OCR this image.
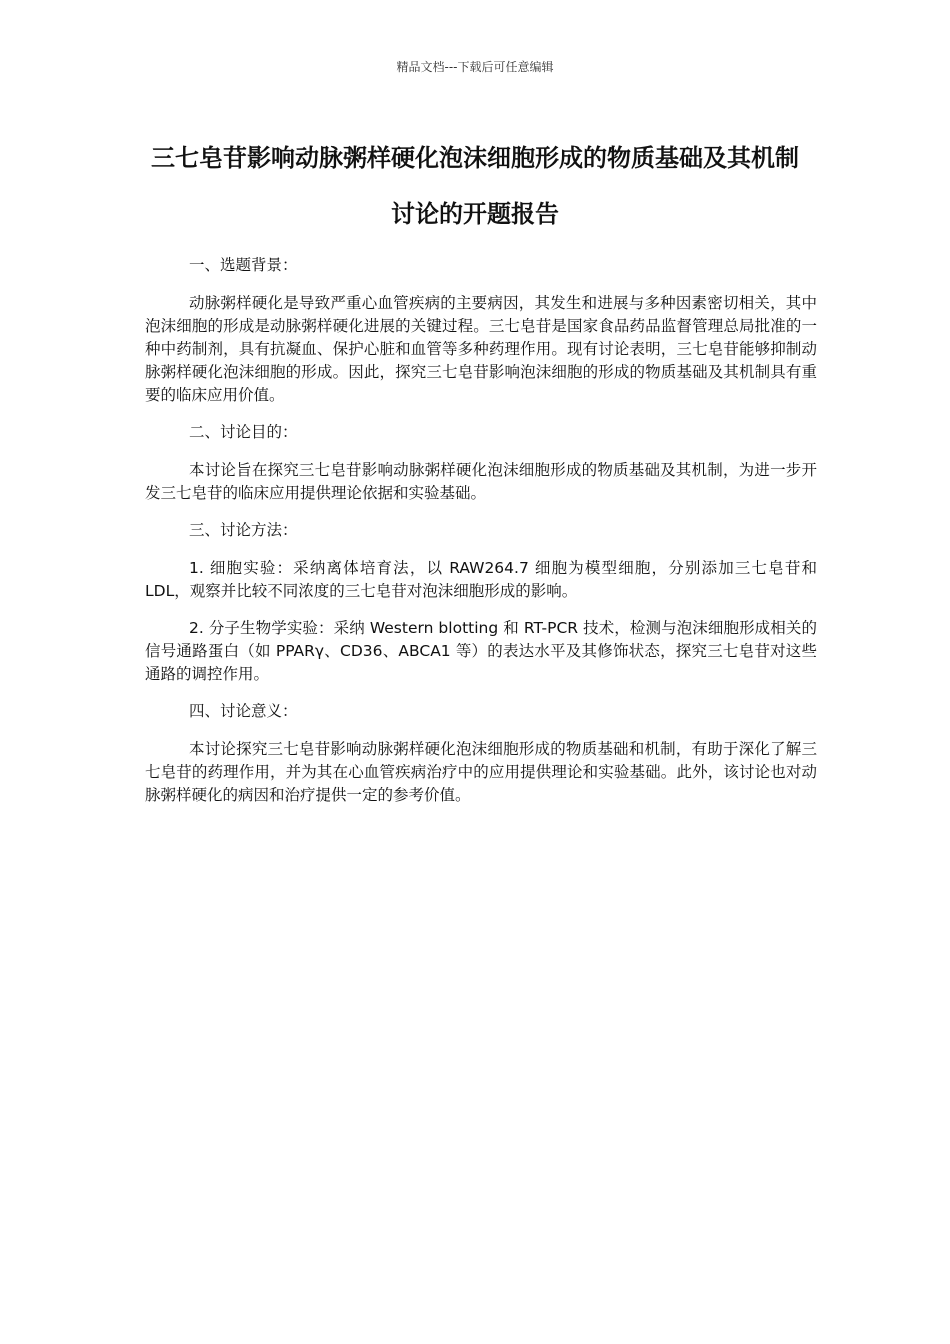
精品文档---下载后可任意编辑
三七皂苷影响动脉粥样硬化泡沫细胞形成的物质基础及其机制讨论的开题报告

一、选题背景：

动脉粥样硬化是导致严重心血管疾病的主要病因，其发生和进展与多种因素密切相关，其中泡沫细胞的形成是动脉粥样硬化进展的关键过程。三七皂苷是国家食品药品监督管理总局批准的一种中药制剂，具有抗凝血、保护心脏和血管等多种药理作用。现有讨论表明，三七皂苷能够抑制动脉粥样硬化泡沫细胞的形成。因此，探究三七皂苷影响泡沫细胞的形成的物质基础及其机制具有重要的临床应用价值。

二、讨论目的：

本讨论旨在探究三七皂苷影响动脉粥样硬化泡沫细胞形成的物质基础及其机制，为进一步开发三七皂苷的临床应用提供理论依据和实验基础。

三、讨论方法：

1. 细胞实验：采纳离体培育法，以 RAW264.7 细胞为模型细胞，分别添加三七皂苷和 LDL，观察并比较不同浓度的三七皂苷对泡沫细胞形成的影响。

2. 分子生物学实验：采纳 Western blotting 和 RT-PCR 技术，检测与泡沫细胞形成相关的信号通路蛋白（如 PPARγ、CD36、ABCA1 等）的表达水平及其修饰状态，探究三七皂苷对这些通路的调控作用。

四、讨论意义：

本讨论探究三七皂苷影响动脉粥样硬化泡沫细胞形成的物质基础和机制，有助于深化了解三七皂苷的药理作用，并为其在心血管疾病治疗中的应用提供理论和实验基础。此外，该讨论也对动脉粥样硬化的病因和治疗提供一定的参考价值。
